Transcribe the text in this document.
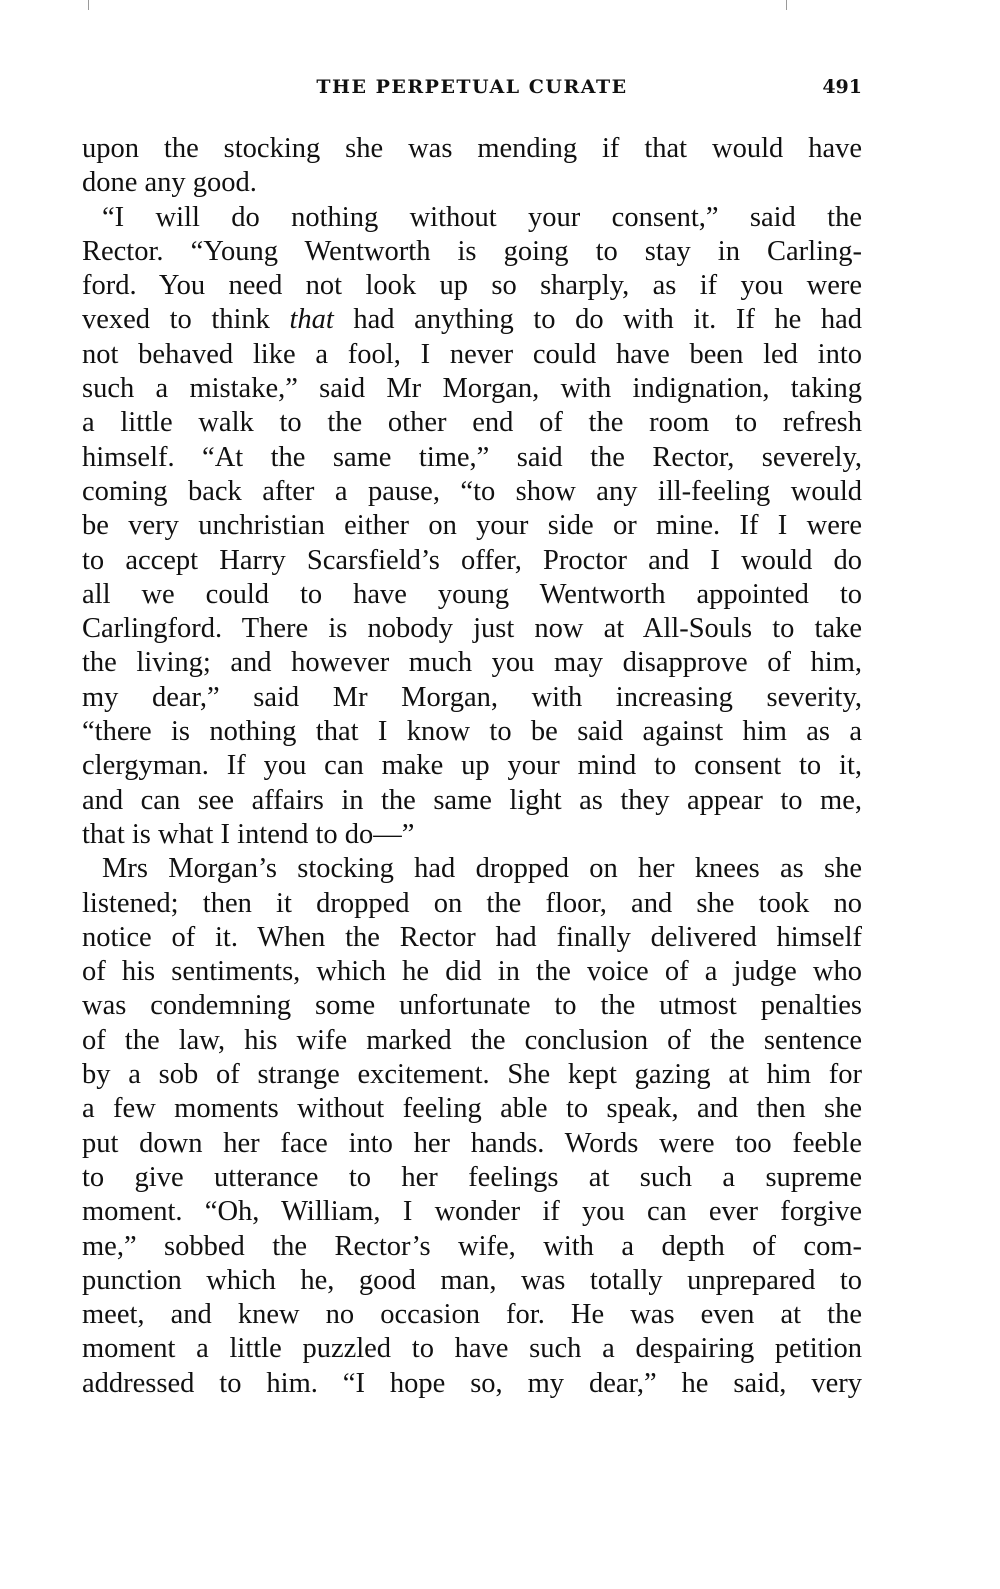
THE PERPETUAL CURATE	491
upon the stocking she was mending if that would have
done any good.
“I will do nothing without your consent,” said the
Rector. “Young Wentworth is going to stay in Carling-
ford. You need not look up so sharply, as if you were
vexed to think that had anything to do with it. If he had
not behaved like a fool, I never could have been led into
such a mistake,” said Mr Morgan, with indignation, taking
a little walk to the other end of the room to refresh
himself. “At the same time,” said the Rector, severely,
coming back after a pause, “to show any ill-feeling would
be very unchristian either on your side or mine. If I were
to accept Harry Scarsfield’s offer, Proctor and I would do
all we could to have young Wentworth appointed to
Carlingford. There is nobody just now at All-Souls to take
the living; and however much you may disapprove of him,
my dear,” said Mr Morgan, with increasing severity,
“there is nothing that I know to be said against him as a
clergyman. If you can make up your mind to consent to it,
and can see affairs in the same light as they appear to me,
that is what I intend to do—”
Mrs Morgan’s stocking had dropped on her knees as she
listened; then it dropped on the floor, and she took no
notice of it. When the Rector had finally delivered himself
of his sentiments, which he did in the voice of a judge who
was condemning some unfortunate to the utmost penalties
of the law, his wife marked the conclusion of the sentence
by a sob of strange excitement. She kept gazing at him for
a few moments without feeling able to speak, and then she
put down her face into her hands. Words were too feeble
to give utterance to her feelings at such a supreme
moment. “Oh, William, I wonder if you can ever forgive
me,” sobbed the Rector’s wife, with a depth of com-
punction which he, good man, was totally unprepared to
meet, and knew no occasion for. He was even at the
moment a little puzzled to have such a despairing petition
addressed to him. “I hope so, my dear,” he said, very
